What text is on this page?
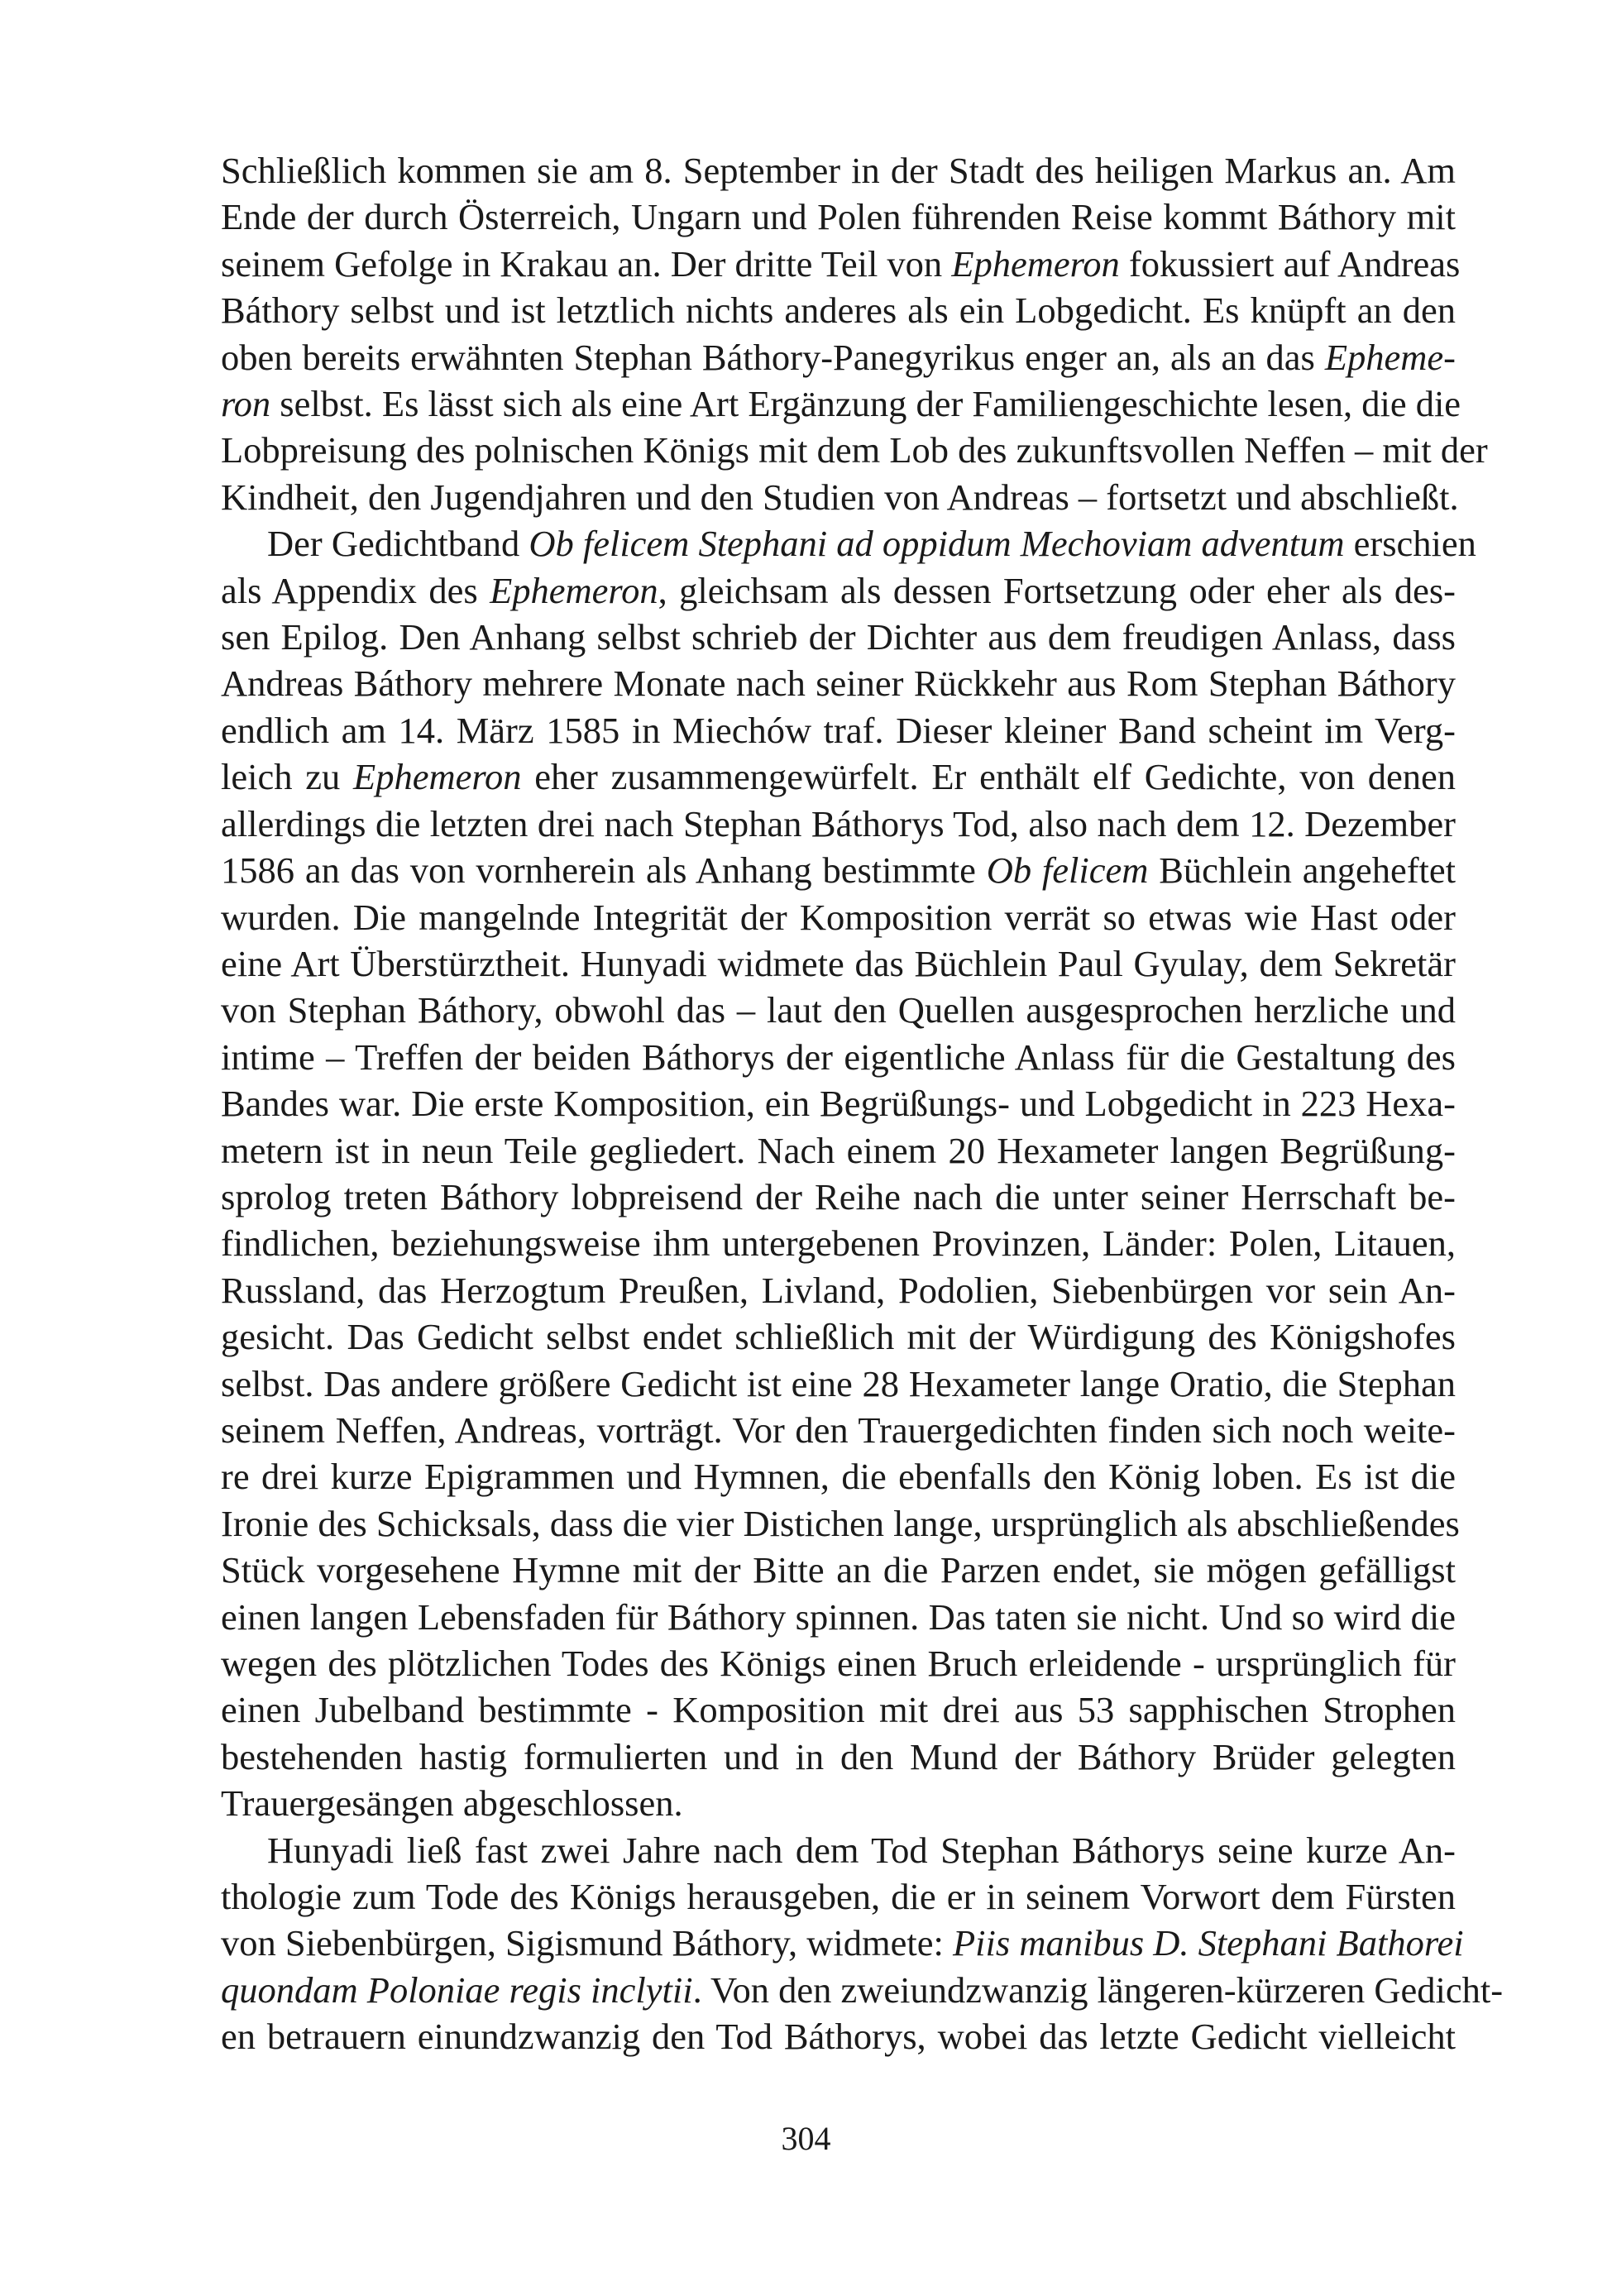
Schließlich kommen sie am 8. September in der Stadt des heiligen Markus an. Am
Ende der durch Österreich, Ungarn und Polen führenden Reise kommt Báthory mit
seinem Gefolge in Krakau an. Der dritte Teil von Ephemeron fokussiert auf Andreas
Báthory selbst und ist letztlich nichts anderes als ein Lobgedicht. Es knüpft an den
oben bereits erwähnten Stephan Báthory-Panegyrikus enger an, als an das Epheme-
ron selbst. Es lässt sich als eine Art Ergänzung der Familiengeschichte lesen, die die
Lobpreisung des polnischen Königs mit dem Lob des zukunftsvollen Neffen – mit der
Kindheit, den Jugendjahren und den Studien von Andreas – fortsetzt und abschließt.
Der Gedichtband Ob felicem Stephani ad oppidum Mechoviam adventum erschien
als Appendix des Ephemeron, gleichsam als dessen Fortsetzung oder eher als des-
sen Epilog. Den Anhang selbst schrieb der Dichter aus dem freudigen Anlass, dass
Andreas Báthory mehrere Monate nach seiner Rückkehr aus Rom Stephan Báthory
endlich am 14. März 1585 in Miechów traf. Dieser kleiner Band scheint im Verg-
leich zu Ephemeron eher zusammengewürfelt. Er enthält elf Gedichte, von denen
allerdings die letzten drei nach Stephan Báthorys Tod, also nach dem 12. Dezember
1586 an das von vornherein als Anhang bestimmte Ob felicem Büchlein angeheftet
wurden. Die mangelnde Integrität der Komposition verrät so etwas wie Hast oder
eine Art Überstürztheit. Hunyadi widmete das Büchlein Paul Gyulay, dem Sekretär
von Stephan Báthory, obwohl das – laut den Quellen ausgesprochen herzliche und
intime – Treffen der beiden Báthorys der eigentliche Anlass für die Gestaltung des
Bandes war. Die erste Komposition, ein Begrüßungs- und Lobgedicht in 223 Hexa-
metern ist in neun Teile gegliedert. Nach einem 20 Hexameter langen Begrüßung-
sprolog treten Báthory lobpreisend der Reihe nach die unter seiner Herrschaft be-
findlichen, beziehungsweise ihm untergebenen Provinzen, Länder: Polen, Litauen,
Russland, das Herzogtum Preußen, Livland, Podolien, Siebenbürgen vor sein An-
gesicht. Das Gedicht selbst endet schließlich mit der Würdigung des Königshofes
selbst. Das andere größere Gedicht ist eine 28 Hexameter lange Oratio, die Stephan
seinem Neffen, Andreas, vorträgt. Vor den Trauergedichten finden sich noch weite-
re drei kurze Epigrammen und Hymnen, die ebenfalls den König loben. Es ist die
Ironie des Schicksals, dass die vier Distichen lange, ursprünglich als abschließendes
Stück vorgesehene Hymne mit der Bitte an die Parzen endet, sie mögen gefälligst
einen langen Lebensfaden für Báthory spinnen. Das taten sie nicht. Und so wird die
wegen des plötzlichen Todes des Königs einen Bruch erleidende - ursprünglich für
einen Jubelband bestimmte - Komposition mit drei aus 53 sapphischen Strophen
bestehenden hastig formulierten und in den Mund der Báthory Brüder gelegten
Trauergesängen abgeschlossen.
Hunyadi ließ fast zwei Jahre nach dem Tod Stephan Báthorys seine kurze An-
thologie zum Tode des Königs herausgeben, die er in seinem Vorwort dem Fürsten
von Siebenbürgen, Sigismund Báthory, widmete: Piis manibus D. Stephani Bathorei
quondam Poloniae regis inclytii. Von den zweiundzwanzig längeren-kürzeren Gedicht-
en betrauern einundzwanzig den Tod Báthorys, wobei das letzte Gedicht vielleicht
304
